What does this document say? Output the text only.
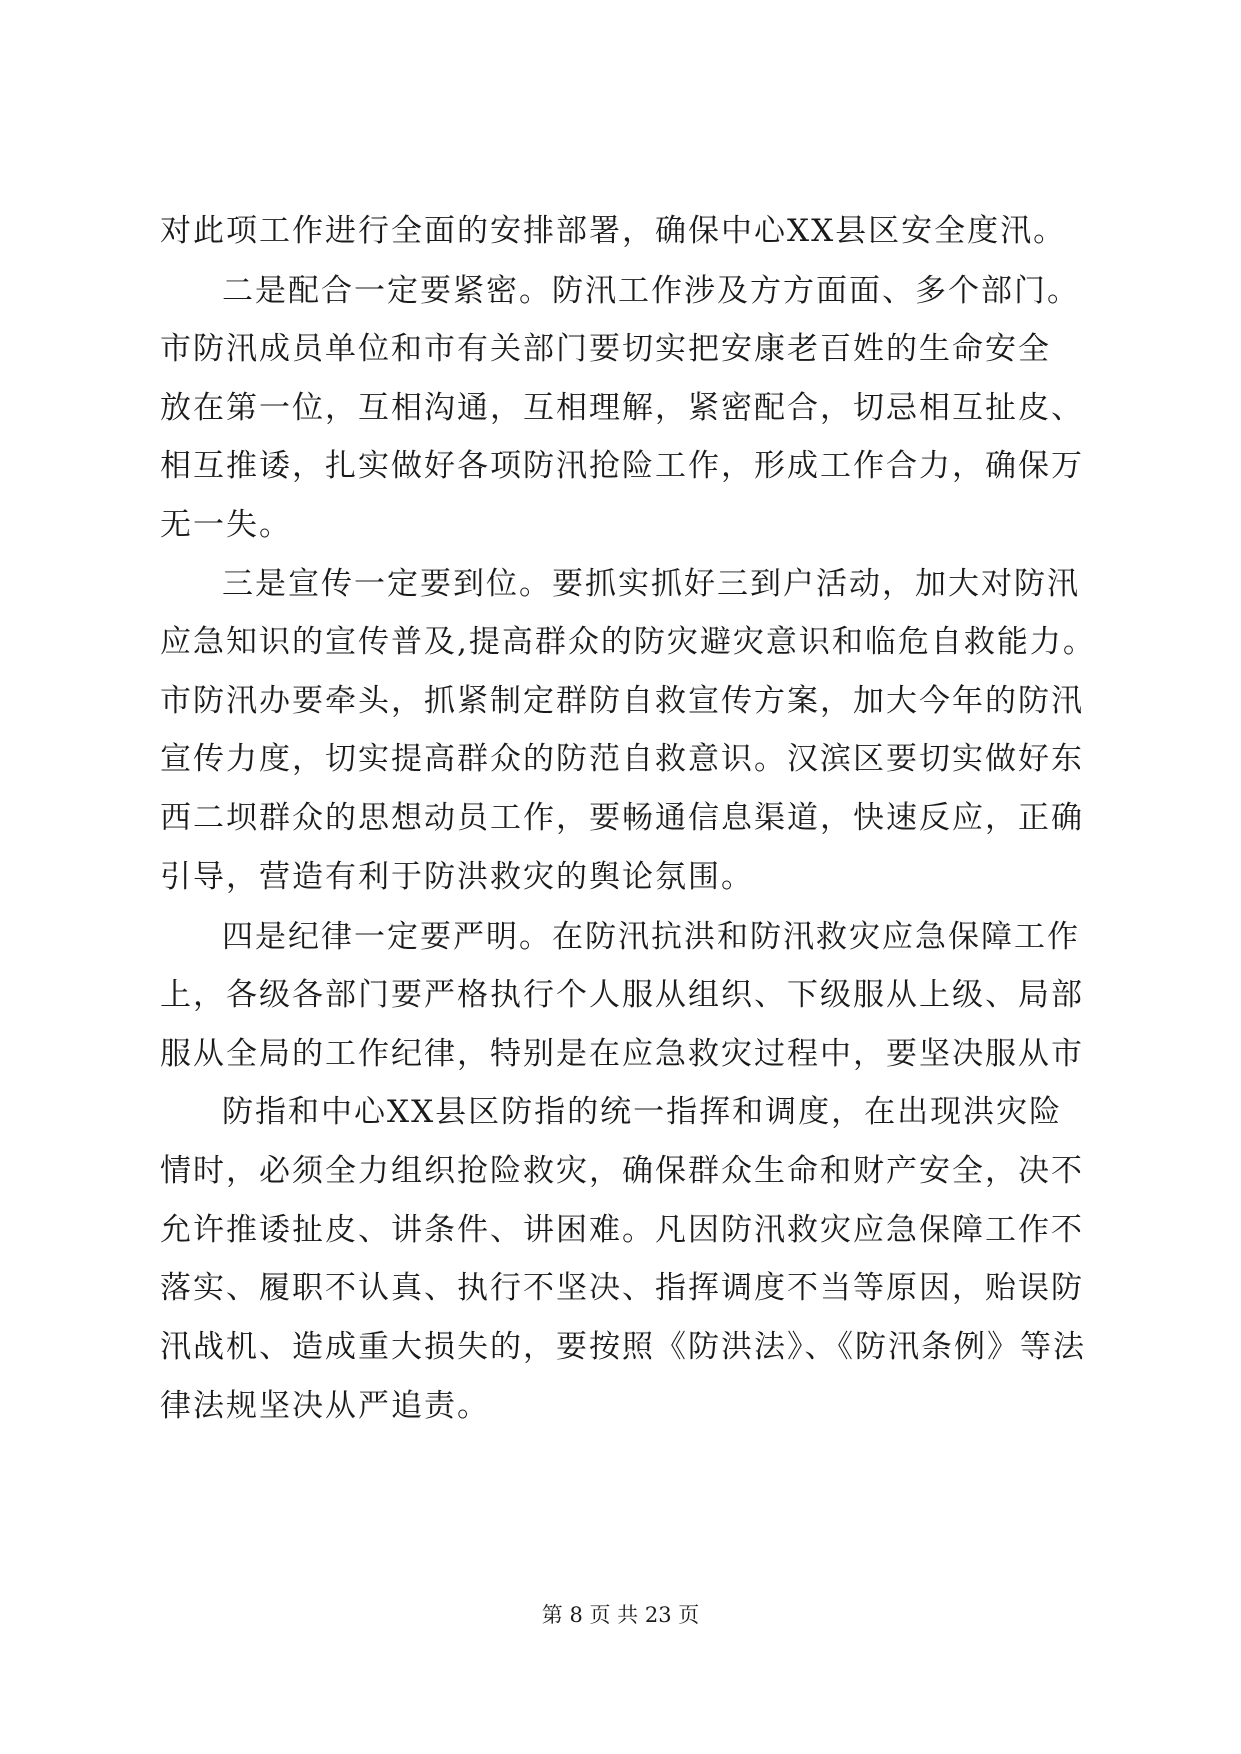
对此项工作进行全面的安排部署，确保中心XX县区安全度汛。
二是配合一定要紧密。防汛工作涉及方方面面、多个部门。
市防汛成员单位和市有关部门要切实把安康老百姓的生命安全
放在第一位，互相沟通，互相理解，紧密配合，切忌相互扯皮、
相互推诿，扎实做好各项防汛抢险工作，形成工作合力，确保万
无一失。
三是宣传一定要到位。要抓实抓好三到户活动，加大对防汛
应急知识的宣传普及,提高群众的防灾避灾意识和临危自救能力。
市防汛办要牵头，抓紧制定群防自救宣传方案，加大今年的防汛
宣传力度，切实提高群众的防范自救意识。汉滨区要切实做好东
西二坝群众的思想动员工作，要畅通信息渠道，快速反应，正确
引导，营造有利于防洪救灾的舆论氛围。
四是纪律一定要严明。在防汛抗洪和防汛救灾应急保障工作
上，各级各部门要严格执行个人服从组织、下级服从上级、局部
服从全局的工作纪律，特别是在应急救灾过程中，要坚决服从市
防指和中心XX县区防指的统一指挥和调度，在出现洪灾险
情时，必须全力组织抢险救灾，确保群众生命和财产安全，决不
允许推诿扯皮、讲条件、讲困难。凡因防汛救灾应急保障工作不
落实、履职不认真、执行不坚决、指挥调度不当等原因，贻误防
汛战机、造成重大损失的，要按照《防洪法》、《防汛条例》等法
律法规坚决从严追责。
第 8 页 共 23 页
